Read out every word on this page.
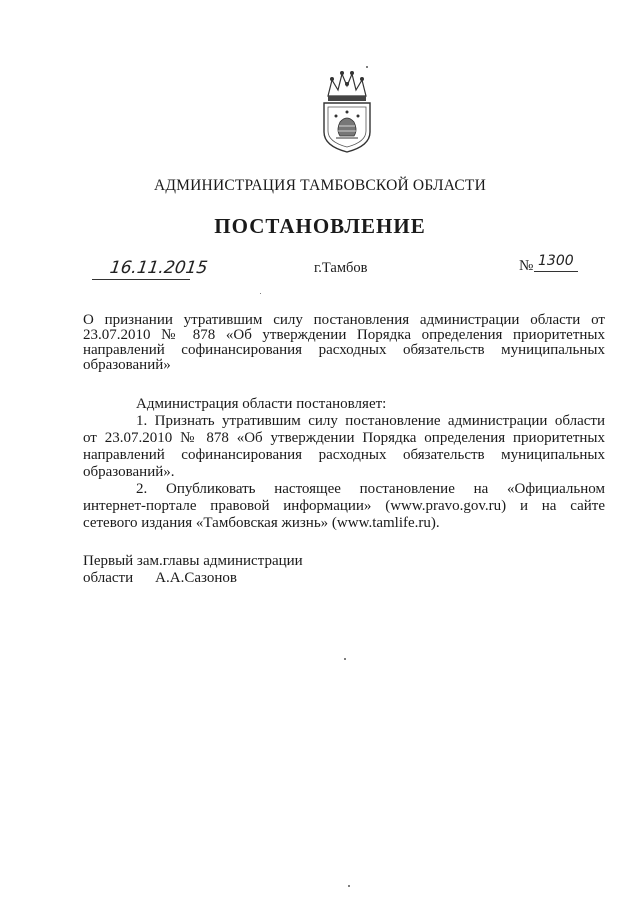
АДМИНИСТРАЦИЯ ТАМБОВСКОЙ ОБЛАСТИ
ПОСТАНОВЛЕНИЕ
16.11.2015	г.Тамбов	№ 1300
О признании утратившим силу постановления администрации области от
23.07.2010 № 878 «Об утверждении Порядка определения приоритетных
направлений софинансирования расходных обязательств муниципальных
образований»
Администрация области постановляет:
1. Признать утратившим силу постановление администрации области
от 23.07.2010 № 878 «Об утверждении Порядка определения приоритетных
направлений софинансирования расходных обязательств муниципальных
образований».
2. Опубликовать настоящее постановление на «Официальном
интернет-портале правовой информации» (www.pravo.gov.ru) и на сайте
сетевого издания «Тамбовская жизнь» (www.tamlife.ru).
Первый зам.главы администрации
области А.А.Сазонов
